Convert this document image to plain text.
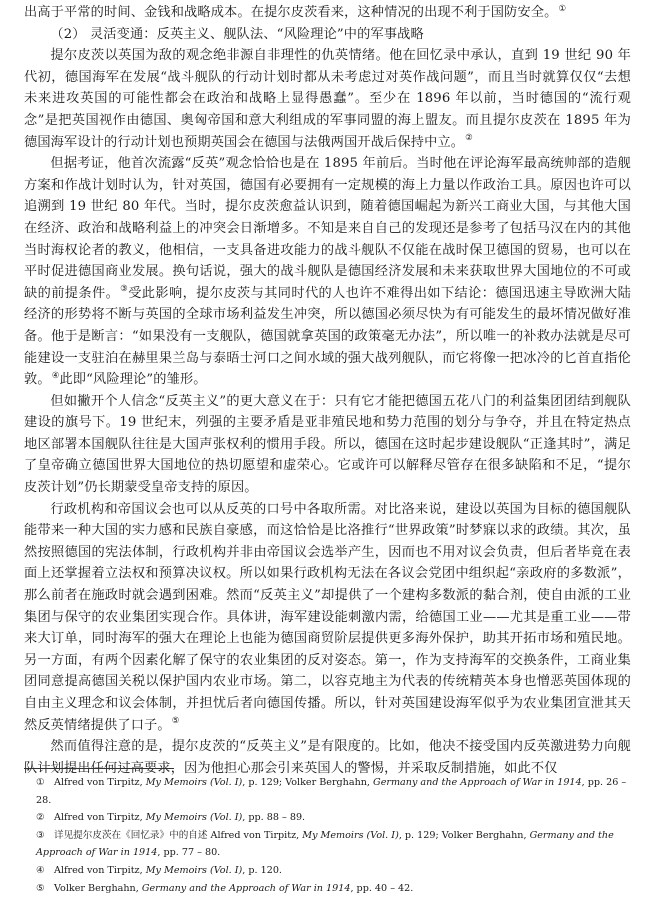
出高于平常的时间、金钱和战略成本。在提尔皮茨看来，这种情况的出现不利于国防安全。①

（2） 灵活变通：反英主义、舰队法、“风险理论”中的军事战略

提尔皮茨以英国为敌的观念绝非源自非理性的仇英情绪。他在回忆录中承认，直到 19 世纪 90 年代初，德国海军在发展“战斗舰队的行动计划时都从未考虑过对英作战问题”，而且当时就算仅仅“去想未来进攻英国的可能性都会在政治和战略上显得愚蠢”。至少在 1896 年以前，当时德国的“流行观念”是把英国视作由德国、奥匈帝国和意大利组成的军事同盟的海上盟友。而且提尔皮茨在 1895 年为德国海军设计的行动计划也预期英国会在德国与法俄两国开战后保持中立。②

但据考证，他首次流露“反英”观念恰恰也是在 1895 年前后。当时他在评论海军最高统帅部的造舰方案和作战计划时认为，针对英国，德国有必要拥有一定规模的海上力量以作政治工具。原因也许可以追溯到 19 世纪 80 年代。当时，提尔皮茨愈益认识到，随着德国崛起为新兴工商业大国，与其他大国在经济、政治和战略利益上的冲突会日渐增多。不知是来自自己的发现还是参考了包括马汉在内的其他当时海权论者的教义，他相信，一支具备进攻能力的战斗舰队不仅能在战时保卫德国的贸易，也可以在平时促进德国商业发展。换句话说，强大的战斗舰队是德国经济发展和未来获取世界大国地位的不可或缺的前提条件。③受此影响，提尔皮茨与其同时代的人也许不难得出如下结论：德国迅速主导欧洲大陆经济的形势将不断与英国的全球市场利益发生冲突，所以德国必须尽快为有可能发生的最坏情况做好准备。他于是断言：“如果没有一支舰队，德国就拿英国的政策毫无办法”，所以唯一的补救办法就是尽可能建设一支驻泊在赫里果兰岛与泰晤士河口之间水域的强大战列舰队，而它将像一把冰冷的匕首直指伦敦。④此即“风险理论”的雏形。

但如撇开个人信念“反英主义”的更大意义在于：只有它才能把德国五花八门的利益集团团结到舰队建设的旗号下。19 世纪末，列强的主要矛盾是亚非殖民地和势力范围的划分与争夺，并且在特定热点地区部署本国舰队往往是大国声张权利的惯用手段。所以，德国在这时起步建设舰队“正逢其时”，满足了皇帝确立德国世界大国地位的热切愿望和虚荣心。它或许可以解释尽管存在很多缺陷和不足，“提尔皮茨计划”仍长期蒙受皇帝支持的原因。

行政机构和帝国议会也可以从反英的口号中各取所需。对比洛来说，建设以英国为目标的德国舰队能带来一种大国的实力感和民族自豪感，而这恰恰是比洛推行“世界政策”时梦寐以求的政绩。其次，虽然按照德国的宪法体制，行政机构并非由帝国议会选举产生，因而也不用对议会负责，但后者毕竟在表面上还掌握着立法权和预算决议权。所以如果行政机构无法在各议会党团中组织起“亲政府的多数派”，那么前者在施政时就会遇到困难。然而“反英主义”却提供了一个建构多数派的黏合剂，使自由派的工业集团与保守的农业集团实现合作。具体讲，海军建设能刺激内需，给德国工业——尤其是重工业——带来大订单，同时海军的强大在理论上也能为德国商贸阶层提供更多海外保护，助其开拓市场和殖民地。另一方面，有两个因素化解了保守的农业集团的反对姿态。第一，作为支持海军的交换条件，工商业集团同意提高德国关税以保护国内农业市场。第二，以容克地主为代表的传统精英本身也憎恶英国体现的自由主义理念和议会体制，并担忧后者向德国传播。所以，针对英国建设海军似乎为农业集团宣泄其天然反英情绪提供了口子。⑤

然而值得注意的是，提尔皮茨的“反英主义”是有限度的。比如，他决不接受国内反英激进势力向舰队计划提出任何过高要求，因为他担心那会引来英国人的警惕，并采取反制措施，如此不仅

① Alfred von Tirpitz, My Memoirs (Vol. I), p. 129; Volker Berghahn, Germany and the Approach of War in 1914, pp. 26 – 28.

② Alfred von Tirpitz, My Memoirs (Vol. I), pp. 88 – 89.

③ 详见提尔皮茨在《回忆录》中的自述 Alfred von Tirpitz, My Memoirs (Vol. I), p. 129; Volker Berghahn, Germany and the Approach of War in 1914, pp. 77 – 80.

④ Alfred von Tirpitz, My Memoirs (Vol. I), p. 120.

⑤ Volker Berghahn, Germany and the Approach of War in 1914, pp. 40 – 42.
